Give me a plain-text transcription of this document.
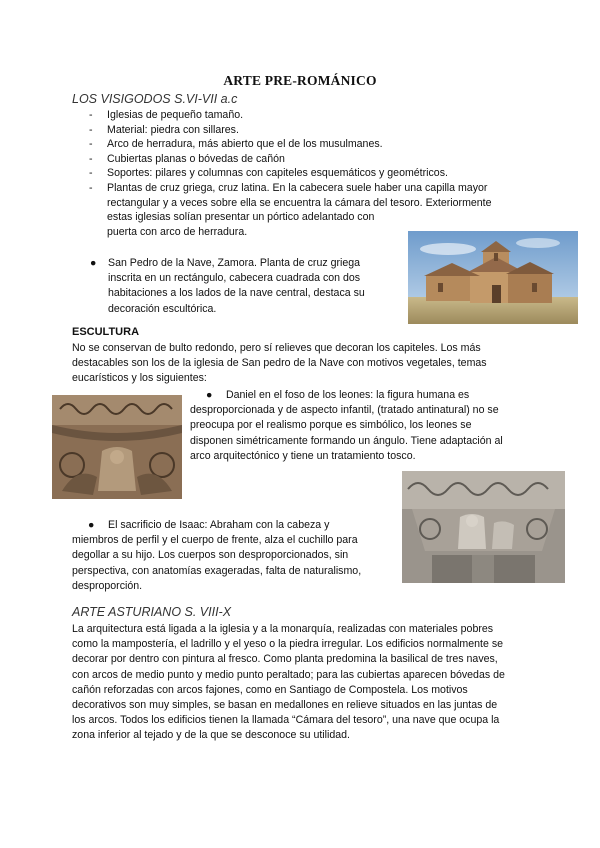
ARTE PRE-ROMÁNICO
LOS VISIGODOS S.VI-VII a.c
- Iglesias de pequeño tamaño.
- Material: piedra con sillares.
- Arco de herradura, más abierto que el de los musulmanes.
- Cubiertas planas o bóvedas de cañón
- Soportes: pilares y columnas con capiteles esquemáticos y geométricos.
- Plantas de cruz griega, cruz latina. En la cabecera suele haber una capilla mayor
rectangular y a veces sobre ella se encuentra la cámara del tesoro. Exteriormente
estas iglesias solían presentar un pórtico adelantado con
puerta con arco de herradura.
● San Pedro de la Nave, Zamora. Planta de cruz griega
inscrita en un rectángulo, cabecera cuadrada con dos
habitaciones a los lados de la nave central, destaca su
decoración escultórica.
ESCULTURA
No se conservan de bulto redondo, pero sí relieves que decoran los capiteles. Los más
destacables son los de la iglesia de San pedro de la Nave con motivos vegetales, temas
eucarísticos y los siguientes:
● Daniel en el foso de los leones: la figura humana es
desproporcionada y de aspecto infantil, (tratado antinatural) no se
preocupa por el realismo porque es simbólico, los leones se
disponen simétricamente formando un ángulo. Tiene adaptación al
arco arquitectónico y tiene un tratamiento tosco.
● El sacrificio de Isaac: Abraham con la cabeza y
miembros de perfil y el cuerpo de frente, alza el cuchillo para
degollar a su hijo. Los cuerpos son desproporcionados, sin
perspectiva, con anatomías exageradas, falta de naturalismo,
desproporción.
ARTE ASTURIANO S. VIII-X
La arquitectura está ligada a la iglesia y a la monarquía, realizadas con materiales pobres
como la mampostería, el ladrillo y el yeso o la piedra irregular. Los edificios normalmente se
decorar por dentro con pintura al fresco. Como planta predomina la basilical de tres naves,
con arcos de medio punto y medio punto peraltado; para las cubiertas aparecen bóvedas de
cañón reforzadas con arcos fajones, como en Santiago de Compostela. Los motivos
decorativos son muy simples, se basan en medallones en relieve situados en las juntas de
los arcos. Todos los edificios tienen la llamada “Cámara del tesoro”, una nave que ocupa la
zona inferior al tejado y de la que se desconoce su utilidad.
